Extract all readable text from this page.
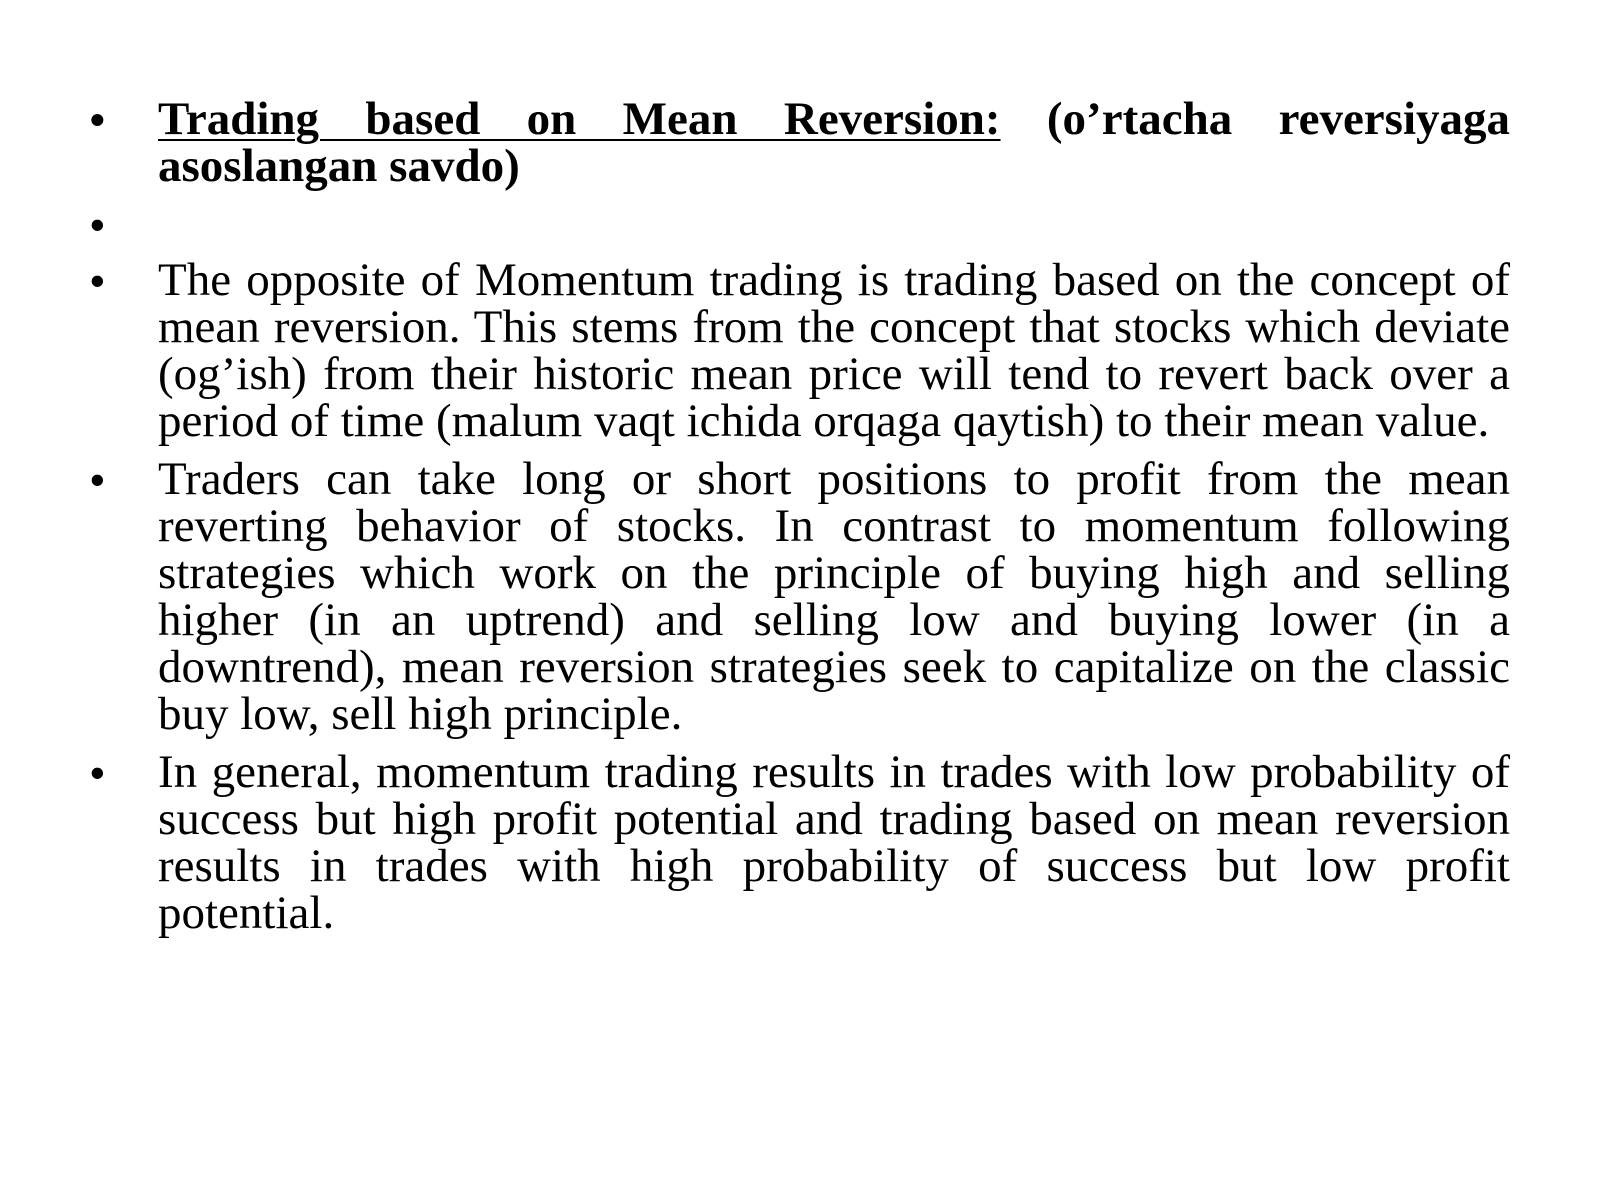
• Trading based on Mean Reversion: (o’rtacha reversiyaga asoslangan savdo)
•
• The opposite of Momentum trading is trading based on the concept of mean reversion. This stems from the concept that stocks which deviate (og’ish) from their historic mean price will tend to revert back over a period of time (malum vaqt ichida orqaga qaytish) to their mean value.
• Traders can take long or short positions to profit from the mean reverting behavior of stocks. In contrast to momentum following strategies which work on the principle of buying high and selling higher (in an uptrend) and selling low and buying lower (in a downtrend), mean reversion strategies seek to capitalize on the classic buy low, sell high principle.
• In general, momentum trading results in trades with low probability of success but high profit potential and trading based on mean reversion results in trades with high probability of success but low profit potential.
